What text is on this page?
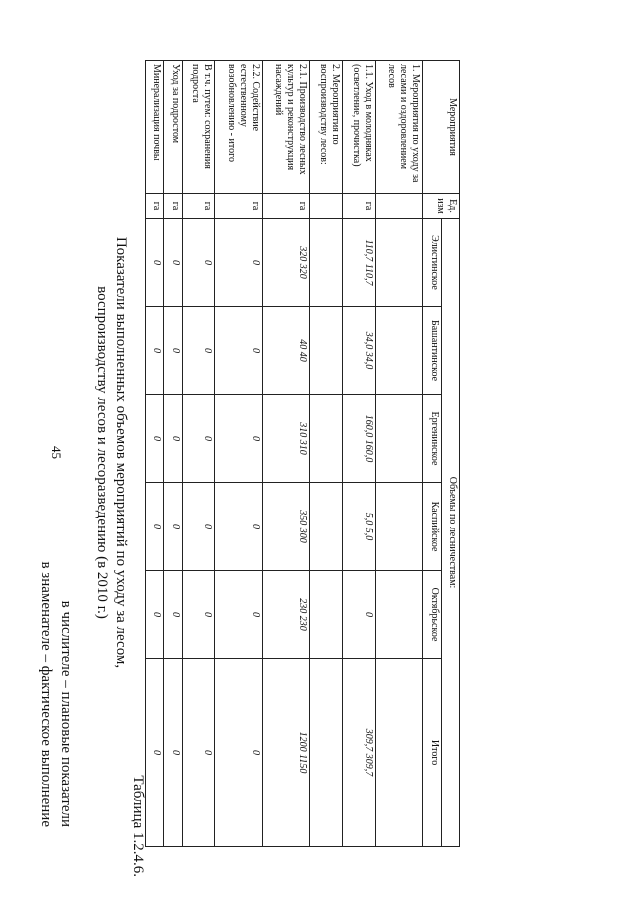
45
Таблица 1.2.4.6.
Показатели выполненных объемов мероприятий по уходу за лесом,
воспроизводству лесов и лесоразведению (в 2010 г.)
в числителе – плановые показатели
в знаменателе – фактическое выполнение
Мероприятия	Ед. изм	Объемы по лесничествам:					
		Элистинское	Башантинское	Ергенинское	Каспийское	Октябрьское	Итого
1. Мероприятия по уходу за лесами и оздоровлением лесов							
1.1. Уход в молодняках (осветление, прочистка)	га	110,7 110,7	34,0 34,0	160,0 160,0	5,0 5,0	0	309,7 309,7
2. Мероприятия по воспроизводству лесов:							
2.1. Производство лесных культур и реконструкция насаждений	га	320 320	40 40	310 310	350 300	230 230	1200 1150
2.2. Содействие естественному возобновлению - итого	га	0	0	0	0	0	0
В т.ч. путем: сохранения подроста	га	0	0	0	0	0	0
Уход за подростом	га	0	0	0	0	0	0
Минерализация почвы	га	0	0	0	0	0	0
